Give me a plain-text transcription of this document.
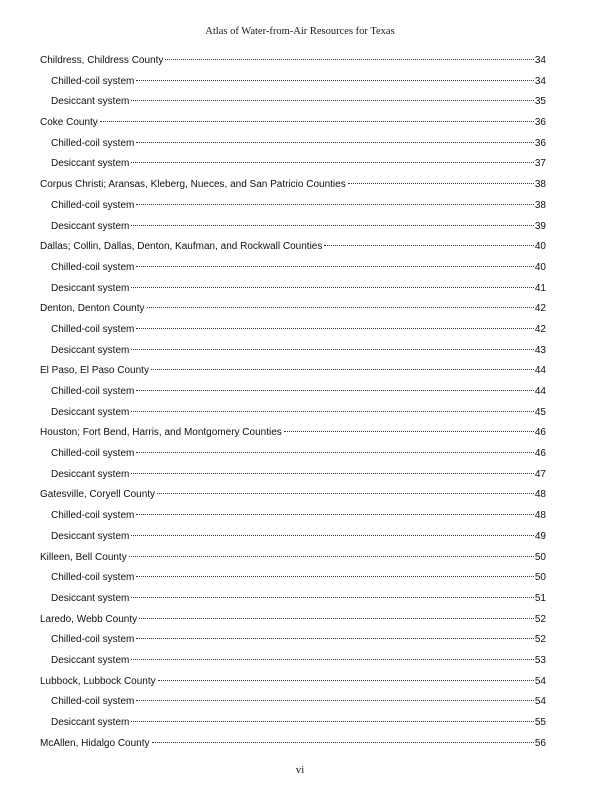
Atlas of Water-from-Air Resources for Texas
Childress, Childress County	34
Chilled-coil system	34
Desiccant system	35
Coke County	36
Chilled-coil system	36
Desiccant system	37
Corpus Christi; Aransas, Kleberg, Nueces, and San Patricio Counties	38
Chilled-coil system	38
Desiccant system	39
Dallas; Collin, Dallas, Denton, Kaufman, and Rockwall Counties	40
Chilled-coil system	40
Desiccant system	41
Denton, Denton County	42
Chilled-coil system	42
Desiccant system	43
El Paso, El Paso County	44
Chilled-coil system	44
Desiccant system	45
Houston; Fort Bend, Harris, and Montgomery Counties	46
Chilled-coil system	46
Desiccant system	47
Gatesville, Coryell County	48
Chilled-coil system	48
Desiccant system	49
Killeen, Bell County	50
Chilled-coil system	50
Desiccant system	51
Laredo, Webb County	52
Chilled-coil system	52
Desiccant system	53
Lubbock, Lubbock County	54
Chilled-coil system	54
Desiccant system	55
McAllen, Hidalgo County	56
vi
